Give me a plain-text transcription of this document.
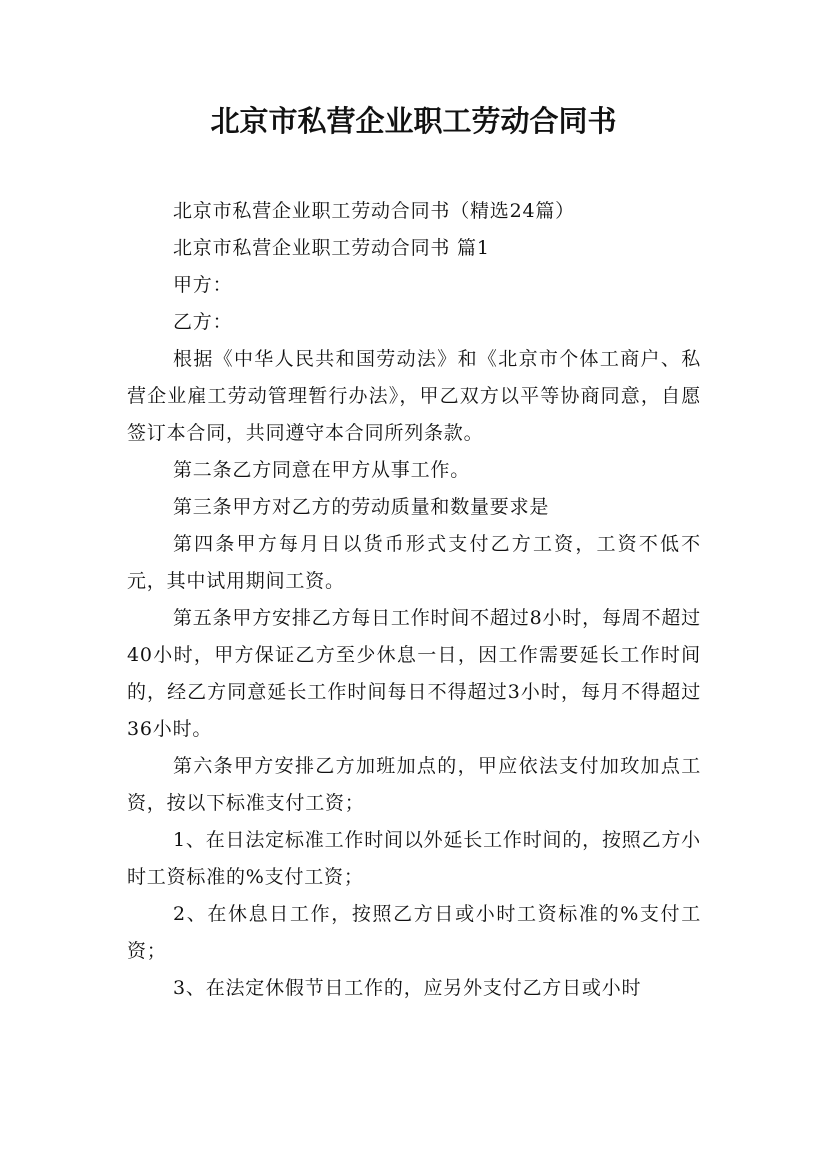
北京市私营企业职工劳动合同书

北京市私营企业职工劳动合同书（精选24篇）

北京市私营企业职工劳动合同书 篇1

甲方：

乙方：

根据《中华人民共和国劳动法》和《北京市个体工商户、私营企业雇工劳动管理暂行办法》，甲乙双方以平等协商同意，自愿签订本合同，共同遵守本合同所列条款。

第二条乙方同意在甲方从事工作。

第三条甲方对乙方的劳动质量和数量要求是

第四条甲方每月日以货币形式支付乙方工资，工资不低不元，其中试用期间工资。

第五条甲方安排乙方每日工作时间不超过8小时，每周不超过40小时，甲方保证乙方至少休息一日，因工作需要延长工作时间的，经乙方同意延长工作时间每日不得超过3小时，每月不得超过36小时。

第六条甲方安排乙方加班加点的，甲应依法支付加玫加点工资，按以下标准支付工资；

1、在日法定标准工作时间以外延长工作时间的，按照乙方小时工资标准的%支付工资；

2、在休息日工作，按照乙方日或小时工资标准的%支付工资；

3、在法定休假节日工作的，应另外支付乙方日或小时
